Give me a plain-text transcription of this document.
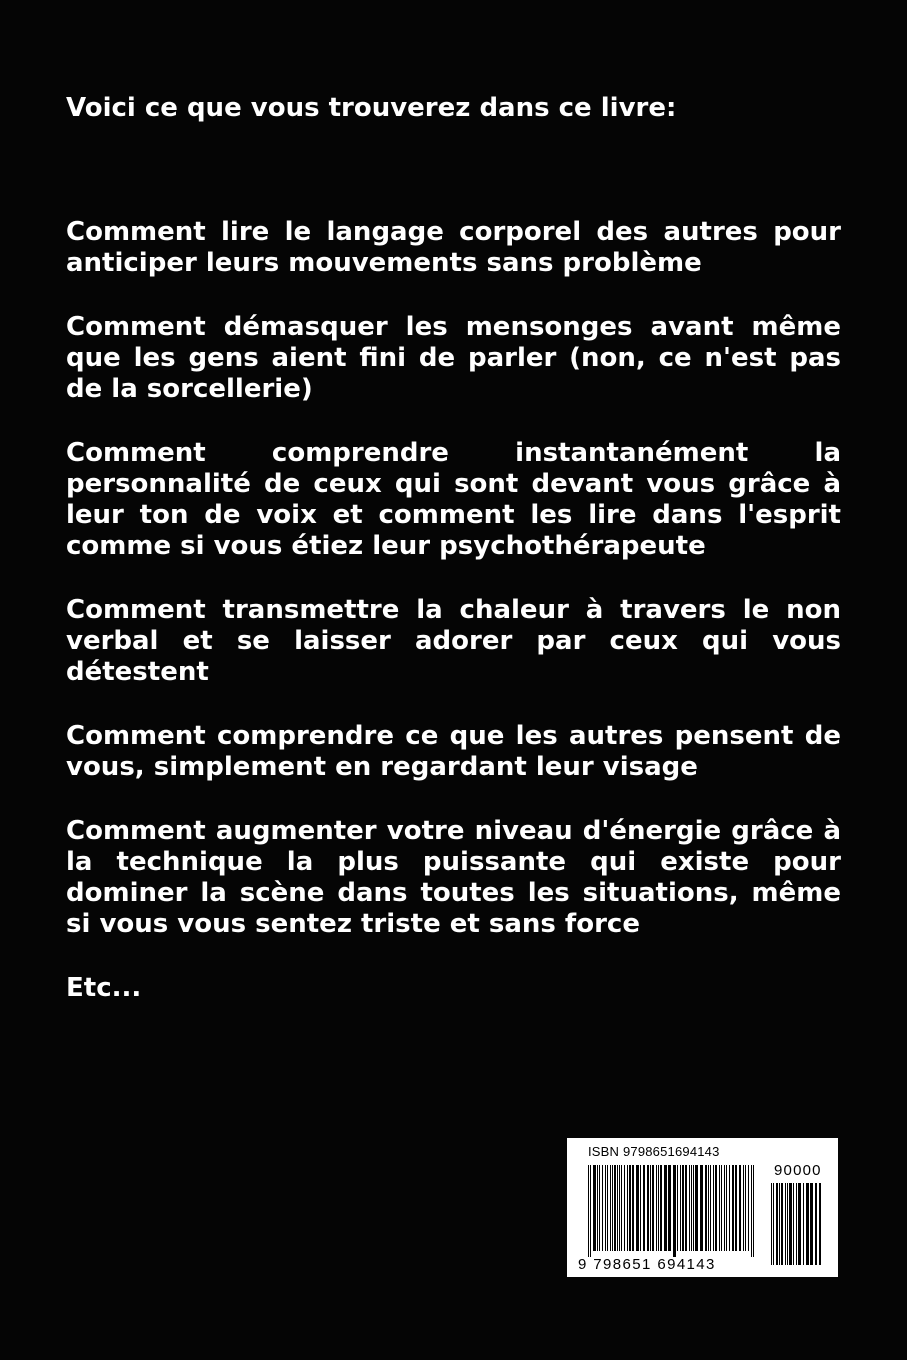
Voici ce que vous trouverez dans ce livre:

Comment lire le langage corporel des autres pour anticiper leurs mouvements sans problème

Comment démasquer les mensonges avant même que les gens aient fini de parler (non, ce n'est pas de la sorcellerie)

Comment comprendre instantanément la personnalité de ceux qui sont devant vous grâce à leur ton de voix et comment les lire dans l'esprit comme si vous étiez leur psychothérapeute

Comment transmettre la chaleur à travers le non verbal et se laisser adorer par ceux qui vous détestent

Comment comprendre ce que les autres pensent de vous, simplement en regardant leur visage

Comment augmenter votre niveau d'énergie grâce à la technique la plus puissante qui existe pour dominer la scène dans toutes les situations, même si vous vous sentez triste et sans force

Etc...

ISBN 9798651694143
9 798651 694143
90000
